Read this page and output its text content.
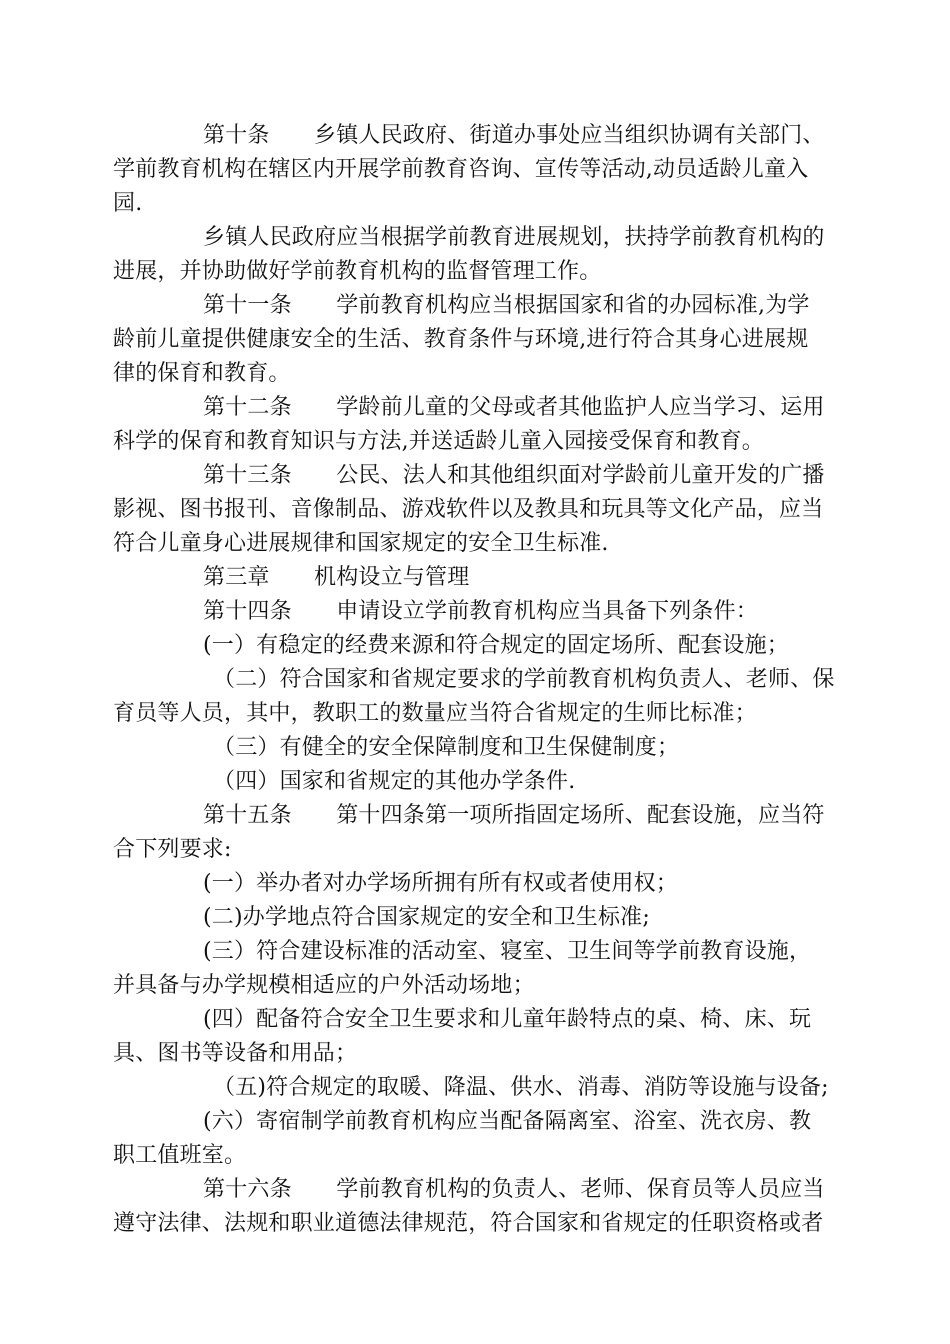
第十条　　乡镇人民政府、街道办事处应当组织协调有关部门、
学前教育机构在辖区内开展学前教育咨询、宣传等活动,动员适龄儿童入
园.
乡镇人民政府应当根据学前教育进展规划，扶持学前教育机构的
进展，并协助做好学前教育机构的监督管理工作。
第十一条　　学前教育机构应当根据国家和省的办园标准,为学
龄前儿童提供健康安全的生活、教育条件与环境,进行符合其身心进展规
律的保育和教育。
第十二条　　学龄前儿童的父母或者其他监护人应当学习、运用
科学的保育和教育知识与方法,并送适龄儿童入园接受保育和教育。
第十三条　　公民、法人和其他组织面对学龄前儿童开发的广播
影视、图书报刊、音像制品、游戏软件以及教具和玩具等文化产品，应当
符合儿童身心进展规律和国家规定的安全卫生标准.
第三章　　机构设立与管理
第十四条　　申请设立学前教育机构应当具备下列条件：
(一）有稳定的经费来源和符合规定的固定场所、配套设施；
（二）符合国家和省规定要求的学前教育机构负责人、老师、保
育员等人员，其中，教职工的数量应当符合省规定的生师比标准；
（三）有健全的安全保障制度和卫生保健制度；
（四）国家和省规定的其他办学条件.
第十五条　　第十四条第一项所指固定场所、配套设施，应当符
合下列要求:
(一）举办者对办学场所拥有所有权或者使用权；
(二)办学地点符合国家规定的安全和卫生标准;
(三）符合建设标准的活动室、寝室、卫生间等学前教育设施，
并具备与办学规模相适应的户外活动场地；
(四）配备符合安全卫生要求和儿童年龄特点的桌、椅、床、玩
具、图书等设备和用品；
（五)符合规定的取暖、降温、供水、消毒、消防等设施与设备;
(六）寄宿制学前教育机构应当配备隔离室、浴室、洗衣房、教
职工值班室。
第十六条　　学前教育机构的负责人、老师、保育员等人员应当
遵守法律、法规和职业道德法律规范，符合国家和省规定的任职资格或者
